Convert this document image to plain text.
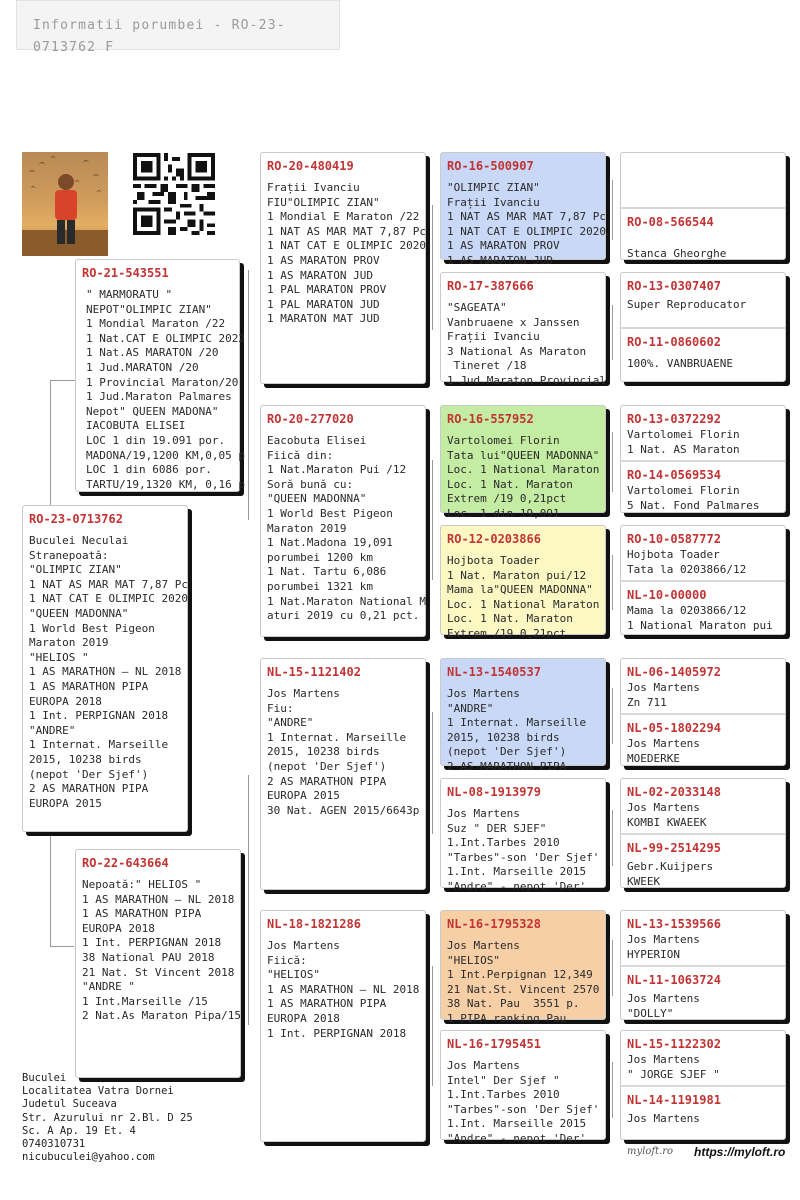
Informatii porumbei - RO-23-
0713762 F
RO-21-543551
" MARMORATU "
NEPOT"OLIMPIC ZIAN"
1 Mondial Maraton /22
1 Nat.CAT E OLIMPIC 2022
1 Nat.AS MARATON /20
1 Jud.MARATON /20
1 Provincial Maraton/20
1 Jud.Maraton Palmares
Nepot" QUEEN MADONA"
IACOBUTA ELISEI
LOC 1 din 19.091 por.
MADONA/19,1200 KM,0,05 p
LOC 1 din 6086 por.
TARTU/19,1320 KM, 0,16 p
RO-23-0713762
Buculei Neculai
Stranepoată:
"OLIMPIC ZIAN"
1 NAT AS MAR MAT 7,87 Pc
1 NAT CAT E OLIMPIC 2020
"QUEEN MADONNA"
1 World Best Pigeon
Maraton 2019
"HELIOS "
1 AS MARATHON – NL 2018
1 AS MARATHON PIPA
EUROPA 2018
1 Int. PERPIGNAN 2018
"ANDRE"
1 Internat. Marseille
2015, 10238 birds
(nepot 'Der Sjef')
2 AS MARATHON PIPA
EUROPA 2015
RO-22-643664
Nepoată:" HELIOS "
1 AS MARATHON – NL 2018
1 AS MARATHON PIPA
EUROPA 2018
1 Int. PERPIGNAN 2018
38 National PAU 2018
21 Nat. St Vincent 2018
"ANDRE "
1 Int.Marseille /15
2 Nat.As Maraton Pipa/15
RO-20-480419
Frații Ivanciu
FIU"OLIMPIC ZIAN"
1 Mondial E Maraton /22
1 NAT AS MAR MAT 7,87 Pc
1 NAT CAT E OLIMPIC 2020
1 AS MARATON PROV
1 AS MARATON JUD
1 PAL MARATON PROV
1 PAL MARATON JUD
1 MARATON MAT JUD
RO-20-277020
Eacobuta Elisei
Fiică din:
1 Nat.Maraton Pui /12
Soră bună cu:
"QUEEN MADONNA"
1 World Best Pigeon
Maraton 2019
1 Nat.Madona 19,091
porumbei 1200 km
1 Nat. Tartu 6,086
porumbei 1321 km
1 Nat.Maraton National M
aturi 2019 cu 0,21 pct.
NL-15-1121402
Jos Martens
Fiu:
"ANDRE"
1 Internat. Marseille
2015, 10238 birds
(nepot 'Der Sjef')
2 AS MARATHON PIPA
EUROPA 2015
30 Nat. AGEN 2015/6643p
NL-18-1821286
Jos Martens
Fiică:
"HELIOS"
1 AS MARATHON – NL 2018
1 AS MARATHON PIPA
EUROPA 2018
1 Int. PERPIGNAN 2018
RO-16-500907
"OLIMPIC ZIAN"
Frații Ivanciu
1 NAT AS MAR MAT 7,87 Pc
1 NAT CAT E OLIMPIC 2020
1 AS MARATON PROV
1 AS MARATON JUD
RO-17-387666
"SAGEATA"
Vanbruaene x Janssen
Frații Ivanciu
3 National As Maraton
Tineret /18
1 Jud.Maraton Provincial
RO-16-557952
Vartolomei Florin
Tata lui"QUEEN MADONNA"
Loc. 1 National Maraton
Loc. 1 Nat. Maraton
Extrem /19 0,21pct
Loc. 1 din 19,091
RO-12-0203866
Hojbota Toader
1 Nat. Maraton pui/12
Mama la"QUEEN MADONNA"
Loc. 1 National Maraton
Loc. 1 Nat. Maraton
Extrem /19 0,21pct
NL-13-1540537
Jos Martens
"ANDRE"
1 Internat. Marseille
2015, 10238 birds
(nepot 'Der Sjef')
2 AS MARATHON PIPA
NL-08-1913979
Jos Martens
Suz " DER SJEF"
1.Int.Tarbes 2010
"Tarbes"-son 'Der Sjef'
1.Int. Marseille 2015
"Andre" - nepot 'Der'
NL-16-1795328
Jos Martens
"HELIOS"
1 Int.Perpignan 12,349
21 Nat.St. Vincent 2570
38 Nat. Pau  3551 p.
1 PIPA ranking Pau
NL-16-1795451
Jos Martens
Intel" Der Sjef "
1.Int.Tarbes 2010
"Tarbes"-son 'Der Sjef'
1.Int. Marseille 2015
"Andre" - nepot 'Der'
RO-08-566544
Stanca Gheorghe
RO-13-0307407
Super Reproducator
RO-11-0860602
100%. VANBRUAENE
RO-13-0372292
Vartolomei Florin
1 Nat. AS Maraton
RO-14-0569534
Vartolomei Florin
5 Nat. Fond Palmares
RO-10-0587772
Hojbota Toader
Tata la 0203866/12
NL-10-00000
Mama la 0203866/12
1 National Maraton pui
NL-06-1405972
Jos Martens
Zn 711
NL-05-1802294
Jos Martens
MOEDERKE
NL-02-2033148
Jos Martens
KOMBI KWAEEK
NL-99-2514295
Gebr.Kuijpers
KWEEK
NL-13-1539566
Jos Martens
HYPERION
NL-11-1063724
Jos Martens
"DOLLY"
NL-15-1122302
Jos Martens
" JORGE SJEF "
NL-14-1191981
Jos Martens
Buculei
Localitatea Vatra Dornei
Judetul Suceava
Str. Azurului nr 2.Bl. D 25
Sc. A Ap. 19 Et. 4
0740310731
nicubuculei@yahoo.com	myloft.ro https://myloft.ro
